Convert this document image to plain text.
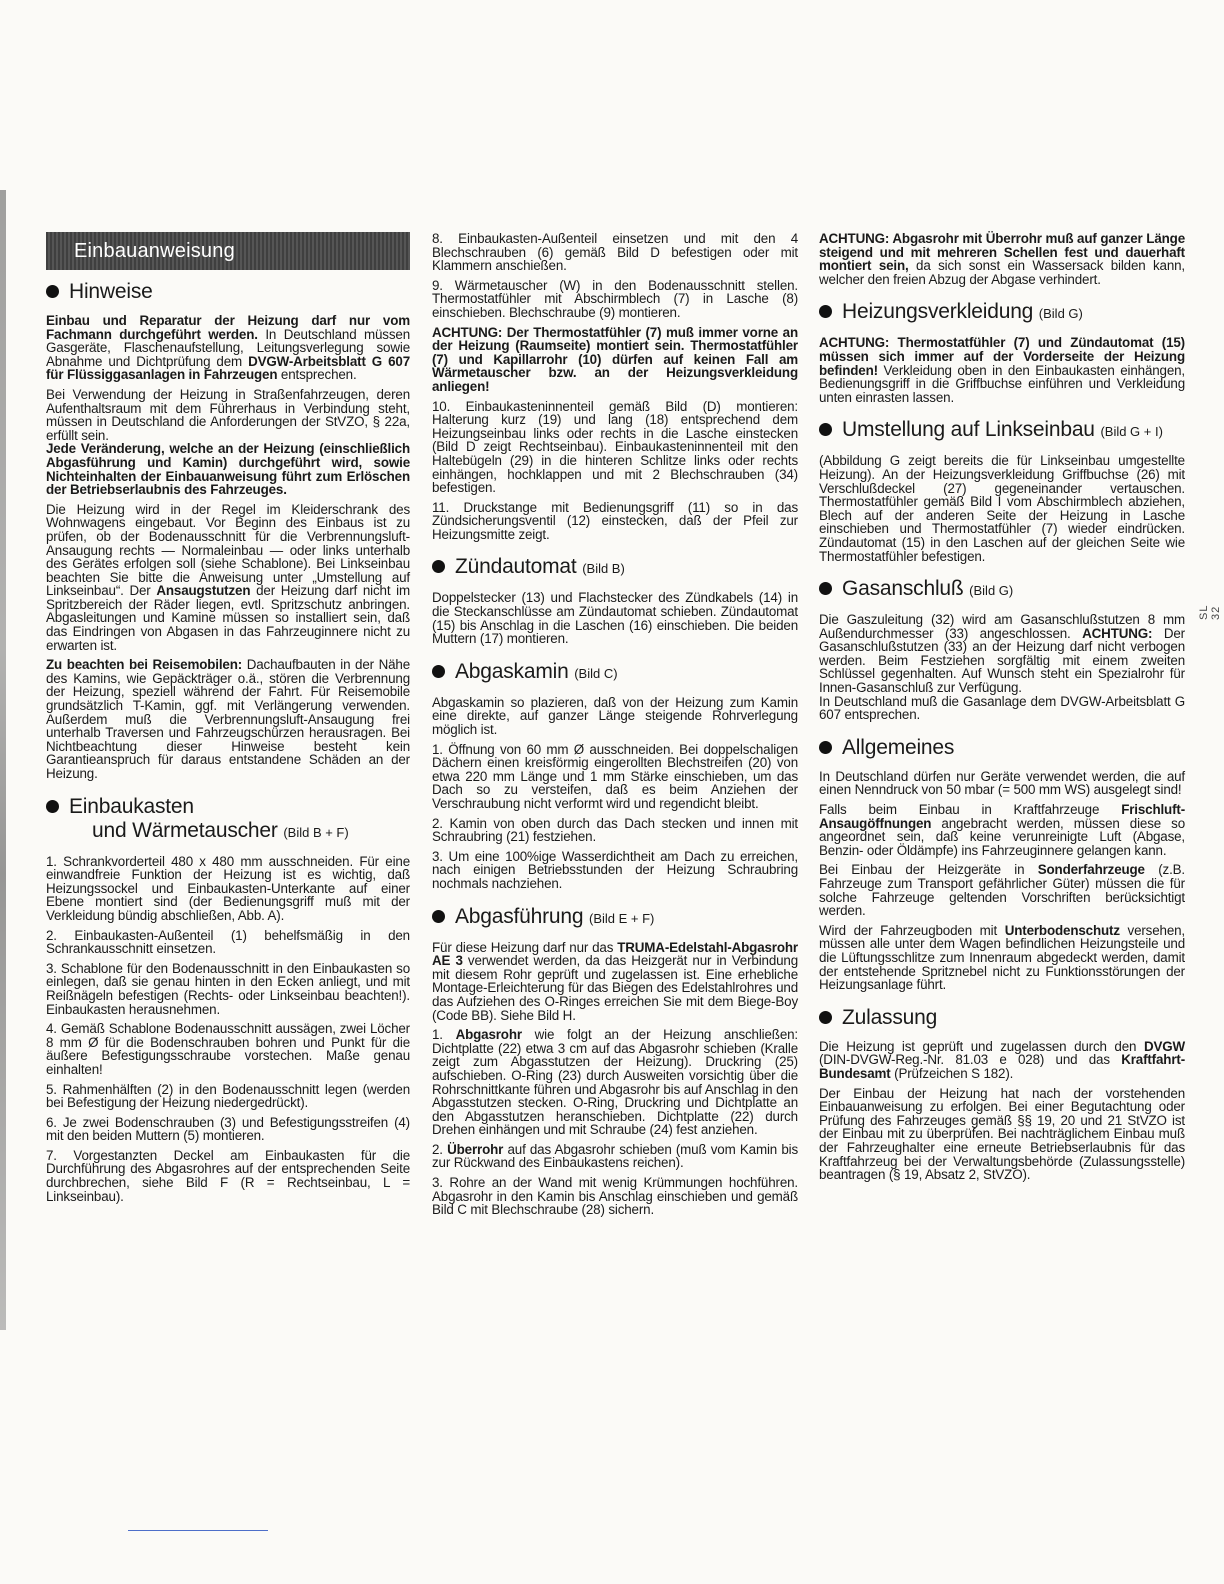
Einbauanweisung
Hinweise

Einbau und Reparatur der Heizung darf nur vom Fachmann durchgeführt werden. In Deutschland müssen Gasgeräte, Flaschenaufstellung, Leitungsverlegung sowie Abnahme und Dichtprüfung dem DVGW-Arbeitsblatt G 607 für Flüssiggasanlagen in Fahrzeugen entsprechen.

Bei Verwendung der Heizung in Straßenfahrzeugen, deren Aufenthaltsraum mit dem Führerhaus in Verbindung steht, müssen in Deutschland die Anforderungen der StVZO, § 22a, erfüllt sein.

Jede Veränderung, welche an der Heizung (einschließlich Abgasführung und Kamin) durchgeführt wird, sowie Nichteinhalten der Einbauanweisung führt zum Erlöschen der Betriebserlaubnis des Fahrzeuges.

Die Heizung wird in der Regel im Kleiderschrank des Wohnwagens eingebaut. Vor Beginn des Einbaus ist zu prüfen, ob der Bodenausschnitt für die Verbrennungsluft-Ansaugung rechts — Normaleinbau — oder links unterhalb des Gerätes erfolgen soll (siehe Schablone). Bei Linkseinbau beachten Sie bitte die Anweisung unter „Umstellung auf Linkseinbau“. Der Ansaugstutzen der Heizung darf nicht im Spritzbereich der Räder liegen, evtl. Spritzschutz anbringen. Abgasleitungen und Kamine müssen so installiert sein, daß das Eindringen von Abgasen in das Fahrzeuginnere nicht zu erwarten ist.

Zu beachten bei Reisemobilen: Dachaufbauten in der Nähe des Kamins, wie Gepäckträger o.ä., stören die Verbrennung der Heizung, speziell während der Fahrt. Für Reisemobile grundsätzlich T-Kamin, ggf. mit Verlängerung verwenden. Außerdem muß die Verbrennungsluft-Ansaugung frei unterhalb Traversen und Fahrzeugschürzen herausragen. Bei Nichtbeachtung dieser Hinweise besteht kein Garantieanspruch für daraus entstandene Schäden an der Heizung.

Einbaukasten
und Wärmetauscher (Bild B + F)

1. Schrankvorderteil 480 x 480 mm ausschneiden. Für eine einwandfreie Funktion der Heizung ist es wichtig, daß Heizungssockel und Einbaukasten-Unterkante auf einer Ebene montiert sind (der Bedienungsgriff muß mit der Verkleidung bündig abschließen, Abb. A).

2. Einbaukasten-Außenteil (1) behelfsmäßig in den Schrankausschnitt einsetzen.

3. Schablone für den Bodenausschnitt in den Einbaukasten so einlegen, daß sie genau hinten in den Ecken anliegt, und mit Reißnägeln befestigen (Rechts- oder Linkseinbau beachten!). Einbaukasten herausnehmen.

4. Gemäß Schablone Bodenausschnitt aussägen, zwei Löcher 8 mm Ø für die Bodenschrauben bohren und Punkt für die äußere Befestigungsschraube vorstechen. Maße genau einhalten!

5. Rahmenhälften (2) in den Bodenausschnitt legen (werden bei Befestigung der Heizung niedergedrückt).

6. Je zwei Bodenschrauben (3) und Befestigungsstreifen (4) mit den beiden Muttern (5) montieren.

7. Vorgestanzten Deckel am Einbaukasten für die Durchführung des Abgasrohres auf der entsprechenden Seite durchbrechen, siehe Bild F (R = Rechtseinbau, L = Linkseinbau).

8. Einbaukasten-Außenteil einsetzen und mit den 4 Blechschrauben (6) gemäß Bild D befestigen oder mit Klammern anschießen.

9. Wärmetauscher (W) in den Bodenausschnitt stellen. Thermostatfühler mit Abschirmblech (7) in Lasche (8) einschieben. Blechschraube (9) montieren.

ACHTUNG: Der Thermostatfühler (7) muß immer vorne an der Heizung (Raumseite) montiert sein. Thermostatfühler (7) und Kapillarrohr (10) dürfen auf keinen Fall am Wärmetauscher bzw. an der Heizungsverkleidung anliegen!

10. Einbaukasteninnenteil gemäß Bild (D) montieren: Halterung kurz (19) und lang (18) entsprechend dem Heizungseinbau links oder rechts in die Lasche einstecken (Bild D zeigt Rechtseinbau). Einbaukasteninnenteil mit den Haltebügeln (29) in die hinteren Schlitze links oder rechts einhängen, hochklappen und mit 2 Blechschrauben (34) befestigen.

11. Druckstange mit Bedienungsgriff (11) so in das Zündsicherungsventil (12) einstecken, daß der Pfeil zur Heizungsmitte zeigt.

Zündautomat (Bild B)

Doppelstecker (13) und Flachstecker des Zündkabels (14) in die Steckanschlüsse am Zündautomat schieben. Zündautomat (15) bis Anschlag in die Laschen (16) einschieben. Die beiden Muttern (17) montieren.

Abgaskamin (Bild C)

Abgaskamin so plazieren, daß von der Heizung zum Kamin eine direkte, auf ganzer Länge steigende Rohrverlegung möglich ist.

1. Öffnung von 60 mm Ø ausschneiden. Bei doppelschaligen Dächern einen kreisförmig eingerollten Blechstreifen (20) von etwa 220 mm Länge und 1 mm Stärke einschieben, um das Dach so zu versteifen, daß es beim Anziehen der Verschraubung nicht verformt wird und regendicht bleibt.

2. Kamin von oben durch das Dach stecken und innen mit Schraubring (21) festziehen.

3. Um eine 100%ige Wasserdichtheit am Dach zu erreichen, nach einigen Betriebsstunden der Heizung Schraubring nochmals nachziehen.

Abgasführung (Bild E + F)

Für diese Heizung darf nur das TRUMA-Edelstahl-Abgasrohr AE 3 verwendet werden, da das Heizgerät nur in Verbindung mit diesem Rohr geprüft und zugelassen ist. Eine erhebliche Montage-Erleichterung für das Biegen des Edelstahlrohres und das Aufziehen des O-Ringes erreichen Sie mit dem Biege-Boy (Code BB). Siehe Bild H.

1. Abgasrohr wie folgt an der Heizung anschließen: Dichtplatte (22) etwa 3 cm auf das Abgasrohr schieben (Kralle zeigt zum Abgasstutzen der Heizung). Druckring (25) aufschieben. O-Ring (23) durch Ausweiten vorsichtig über die Rohrschnittkante führen und Abgasrohr bis auf Anschlag in den Abgasstutzen stecken. O-Ring, Druckring und Dichtplatte an den Abgasstutzen heranschieben. Dichtplatte (22) durch Drehen einhängen und mit Schraube (24) fest anziehen.

2. Überrohr auf das Abgasrohr schieben (muß vom Kamin bis zur Rückwand des Einbaukastens reichen).

3. Rohre an der Wand mit wenig Krümmungen hochführen. Abgasrohr in den Kamin bis Anschlag einschieben und gemäß Bild C mit Blechschraube (28) sichern.

ACHTUNG: Abgasrohr mit Überrohr muß auf ganzer Länge steigend und mit mehreren Schellen fest und dauerhaft montiert sein, da sich sonst ein Wassersack bilden kann, welcher den freien Abzug der Abgase verhindert.

Heizungsverkleidung (Bild G)

ACHTUNG: Thermostatfühler (7) und Zündautomat (15) müssen sich immer auf der Vorderseite der Heizung befinden! Verkleidung oben in den Einbaukasten einhängen, Bedienungsgriff in die Griffbuchse einführen und Verkleidung unten einrasten lassen.

Umstellung auf Linkseinbau (Bild G + I)

(Abbildung G zeigt bereits die für Linkseinbau umgestellte Heizung). An der Heizungsverkleidung Griffbuchse (26) mit Verschlußdeckel (27) gegeneinander vertauschen. Thermostatfühler gemäß Bild I vom Abschirmblech abziehen, Blech auf der anderen Seite der Heizung in Lasche einschieben und Thermostatfühler (7) wieder eindrücken. Zündautomat (15) in den Laschen auf der gleichen Seite wie Thermostatfühler befestigen.

Gasanschluß (Bild G)

Die Gaszuleitung (32) wird am Gasanschlußstutzen 8 mm Außendurchmesser (33) angeschlossen. ACHTUNG: Der Gasanschlußstutzen (33) an der Heizung darf nicht verbogen werden. Beim Festziehen sorgfältig mit einem zweiten Schlüssel gegenhalten. Auf Wunsch steht ein Spezialrohr für Innen-Gasanschluß zur Verfügung.

In Deutschland muß die Gasanlage dem DVGW-Arbeitsblatt G 607 entsprechen.

Allgemeines

In Deutschland dürfen nur Geräte verwendet werden, die auf einen Nenndruck von 50 mbar (= 500 mm WS) ausgelegt sind!

Falls beim Einbau in Kraftfahrzeuge Frischluft-Ansaugöffnungen angebracht werden, müssen diese so angeordnet sein, daß keine verunreinigte Luft (Abgase, Benzin- oder Öldämpfe) ins Fahrzeuginnere gelangen kann.

Bei Einbau der Heizgeräte in Sonderfahrzeuge (z.B. Fahrzeuge zum Transport gefährlicher Güter) müssen die für solche Fahrzeuge geltenden Vorschriften berücksichtigt werden.

Wird der Fahrzeugboden mit Unterbodenschutz versehen, müssen alle unter dem Wagen befindlichen Heizungsteile und die Lüftungsschlitze zum Innenraum abgedeckt werden, damit der entstehende Spritznebel nicht zu Funktionsstörungen der Heizungsanlage führt.

Zulassung

Die Heizung ist geprüft und zugelassen durch den DVGW (DIN-DVGW-Reg.-Nr. 81.03 e 028) und das Kraftfahrt-Bundesamt (Prüfzeichen S 182).

Der Einbau der Heizung hat nach der vorstehenden Einbauanweisung zu erfolgen. Bei einer Begutachtung oder Prüfung des Fahrzeuges gemäß §§ 19, 20 und 21 StVZO ist der Einbau mit zu überprüfen. Bei nachträglichem Einbau muß der Fahrzeughalter eine erneute Betriebserlaubnis für das Kraftfahrzeug bei der Verwaltungsbehörde (Zulassungsstelle) beantragen (§ 19, Absatz 2, StVZO).

SL 32
